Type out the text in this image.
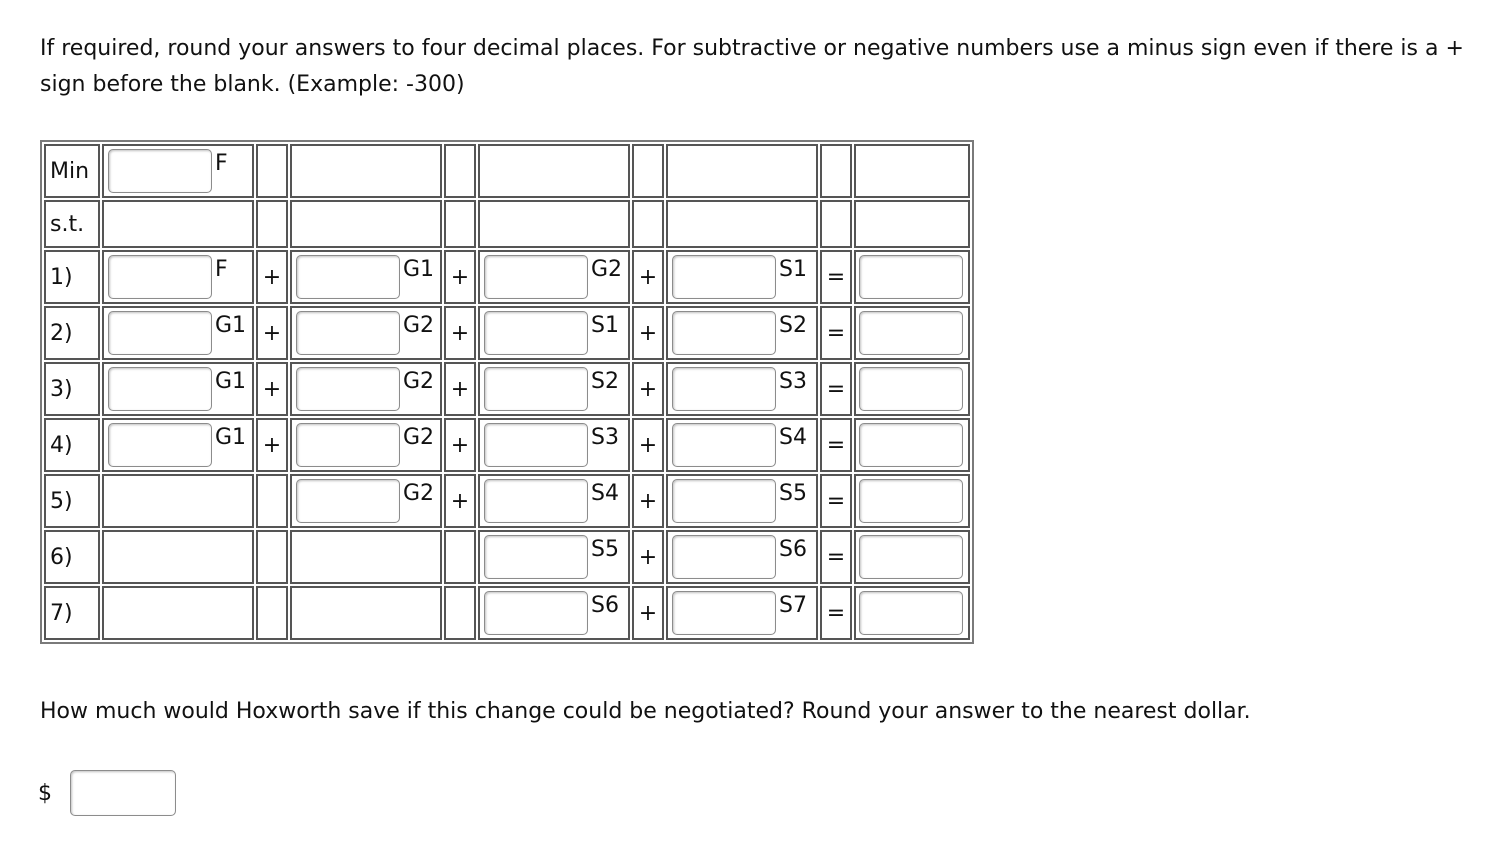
If required, round your answers to four decimal places. For subtractive or negative numbers use a minus sign even if there is a + sign before the blank. (Example: -300)

Min	F								

s.t.									
1)	F	+	G1	+	G2	+	S1	=	
2)	G1	+	G2	+	S1	+	S2	=	
3)	G1	+	G2	+	S2	+	S3	=	
4)	G1	+	G2	+	S3	+	S4	=	
5)			G2	+	S4	+	S5	=	
6)					S5	+	S6	=	
7)					S6	+	S7	=	

How much would Hoxworth save if this change could be negotiated? Round your answer to the nearest dollar.

$
